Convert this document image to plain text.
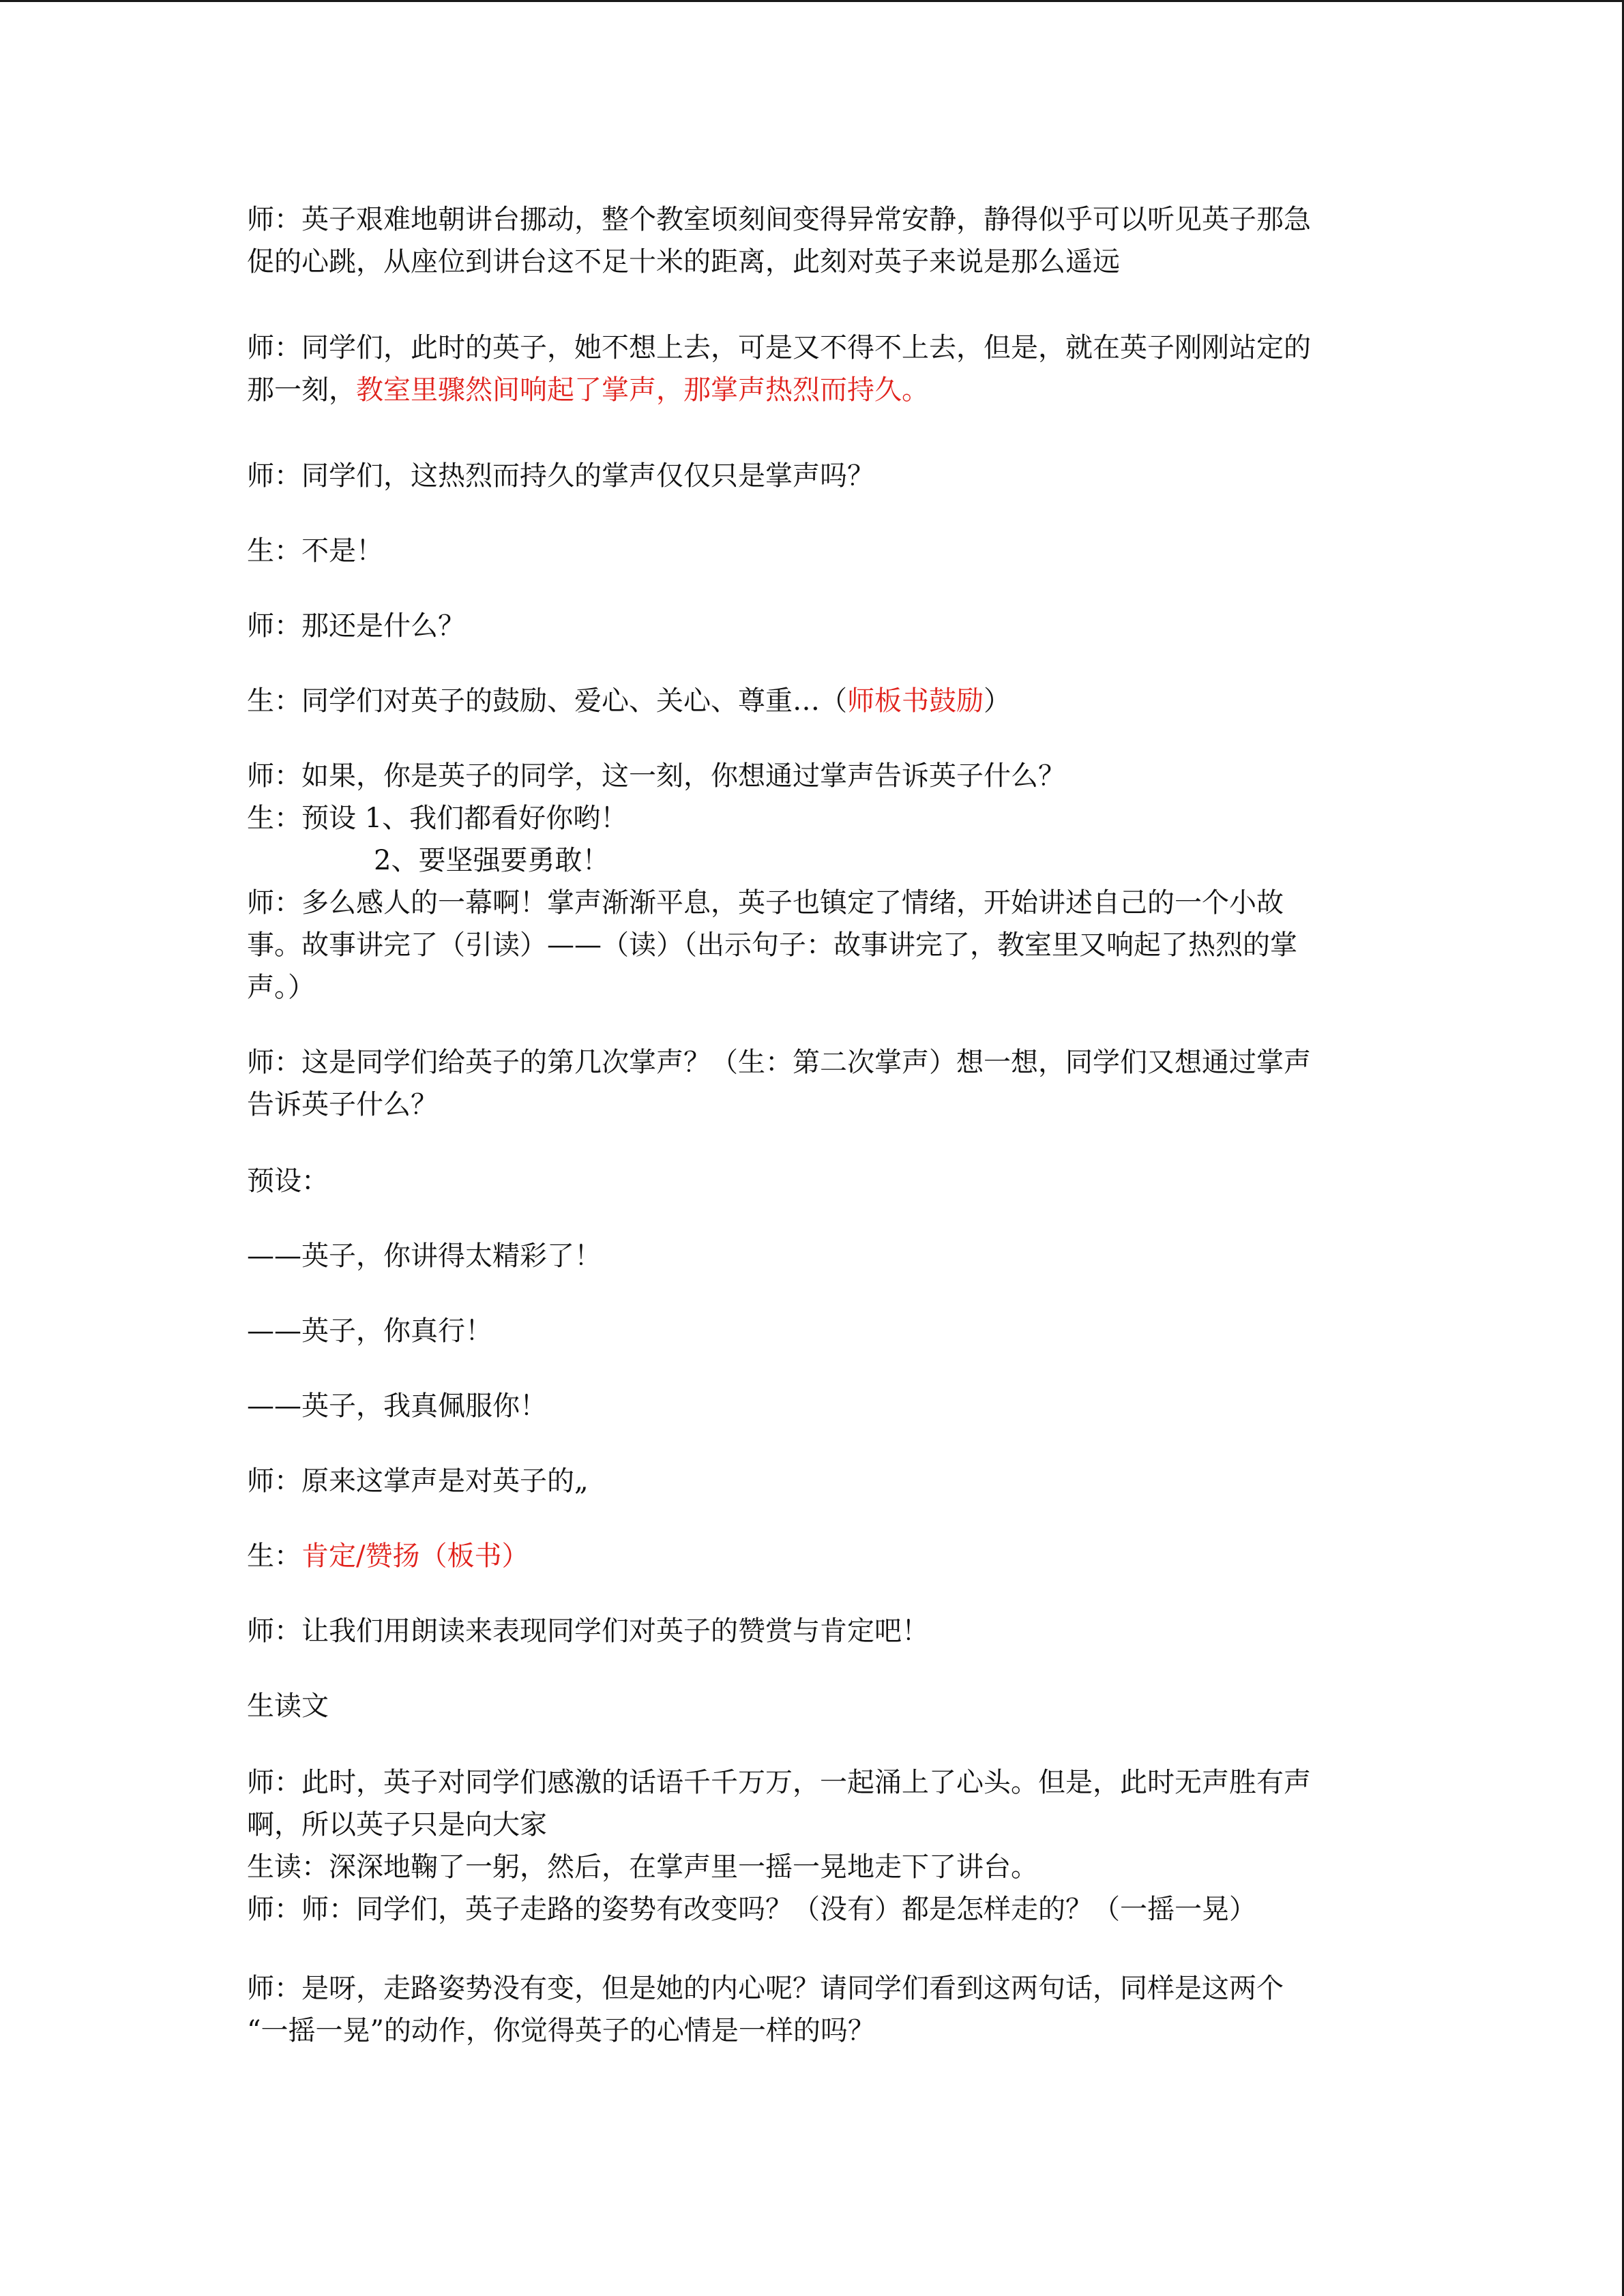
师：英子艰难地朝讲台挪动，整个教室顷刻间变得异常安静，静得似乎可以听见英子那急
促的心跳，从座位到讲台这不足十米的距离，此刻对英子来说是那么遥远
师：同学们，此时的英子，她不想上去，可是又不得不上去，但是，就在英子刚刚站定的
那一刻，教室里骤然间响起了掌声，那掌声热烈而持久。
师：同学们，这热烈而持久的掌声仅仅只是掌声吗？
生：不是！
师：那还是什么？
生：同学们对英子的鼓励、爱心、关心、尊重…（师板书鼓励）
师：如果，你是英子的同学，这一刻，你想通过掌声告诉英子什么？
生：预设 1、我们都看好你哟！
2、要坚强要勇敢！
师：多么感人的一幕啊！掌声渐渐平息，英子也镇定了情绪，开始讲述自己的一个小故
事。故事讲完了（引读）——（读）（出示句子：故事讲完了，教室里又响起了热烈的掌
声。）
师：这是同学们给英子的第几次掌声？（生：第二次掌声）想一想，同学们又想通过掌声
告诉英子什么？
预设：
——英子，你讲得太精彩了！
——英子，你真行！
——英子，我真佩服你！
师：原来这掌声是对英子的„
生：肯定/赞扬（板书）
师：让我们用朗读来表现同学们对英子的赞赏与肯定吧！
生读文
师：此时，英子对同学们感激的话语千千万万，一起涌上了心头。但是，此时无声胜有声
啊，所以英子只是向大家
生读：深深地鞠了一躬，然后，在掌声里一摇一晃地走下了讲台。
师：师：同学们，英子走路的姿势有改变吗？（没有）都是怎样走的？（一摇一晃）
师：是呀，走路姿势没有变，但是她的内心呢？请同学们看到这两句话，同样是这两个
“一摇一晃”的动作，你觉得英子的心情是一样的吗？
